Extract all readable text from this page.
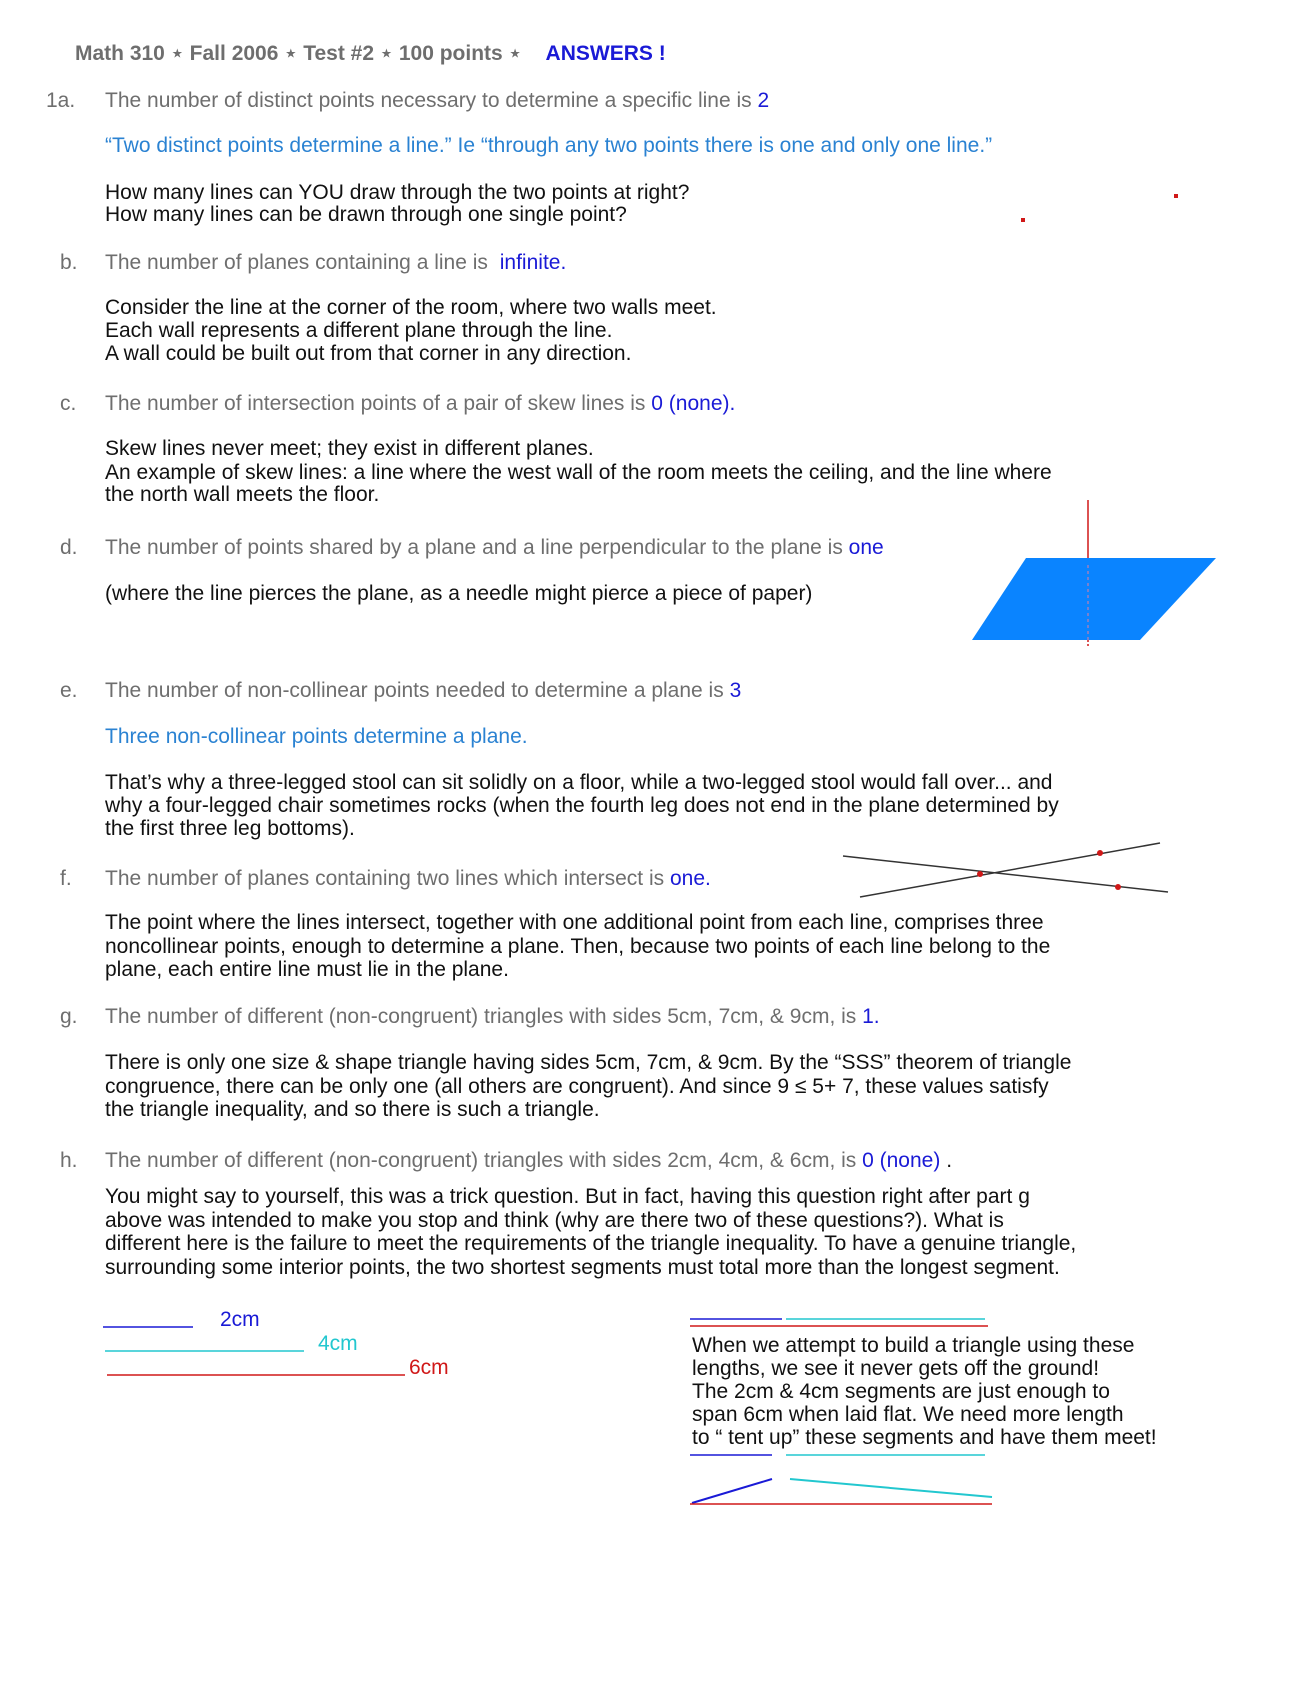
Math 310 ⋆ Fall 2006 ⋆ Test #2 ⋆ 100 points ⋆ ANSWERS !
1a. The number of distinct points necessary to determine a specific line is 2
“Two distinct points determine a line.” Ie “through any two points there is one and only one line.”
How many lines can YOU draw through the two points at right?
How many lines can be drawn through one single point?
b. The number of planes containing a line is infinite.
Consider the line at the corner of the room, where two walls meet.
Each wall represents a different plane through the line.
A wall could be built out from that corner in any direction.
c. The number of intersection points of a pair of skew lines is 0 (none).
Skew lines never meet; they exist in different planes.
An example of skew lines: a line where the west wall of the room meets the ceiling, and the line where
the north wall meets the floor.
d. The number of points shared by a plane and a line perpendicular to the plane is one
(where the line pierces the plane, as a needle might pierce a piece of paper)
e. The number of non-collinear points needed to determine a plane is 3
Three non-collinear points determine a plane.
That’s why a three-legged stool can sit solidly on a floor, while a two-legged stool would fall over... and
why a four-legged chair sometimes rocks (when the fourth leg does not end in the plane determined by
the first three leg bottoms).
f. The number of planes containing two lines which intersect is one.
The point where the lines intersect, together with one additional point from each line, comprises three
noncollinear points, enough to determine a plane. Then, because two points of each line belong to the
plane, each entire line must lie in the plane.
g. The number of different (non-congruent) triangles with sides 5cm, 7cm, & 9cm, is 1.
There is only one size & shape triangle having sides 5cm, 7cm, & 9cm. By the “SSS” theorem of triangle
congruence, there can be only one (all others are congruent). And since 9 ≤ 5+ 7, these values satisfy
the triangle inequality, and so there is such a triangle.
h. The number of different (non-congruent) triangles with sides 2cm, 4cm, & 6cm, is 0 (none) .
You might say to yourself, this was a trick question. But in fact, having this question right after part g
above was intended to make you stop and think (why are there two of these questions?). What is
different here is the failure to meet the requirements of the triangle inequality. To have a genuine triangle,
surrounding some interior points, the two shortest segments must total more than the longest segment.
2cm
4cm
6cm
When we attempt to build a triangle using these
lengths, we see it never gets off the ground!
The 2cm & 4cm segments are just enough to
span 6cm when laid flat. We need more length
to “ tent up” these segments and have them meet!
